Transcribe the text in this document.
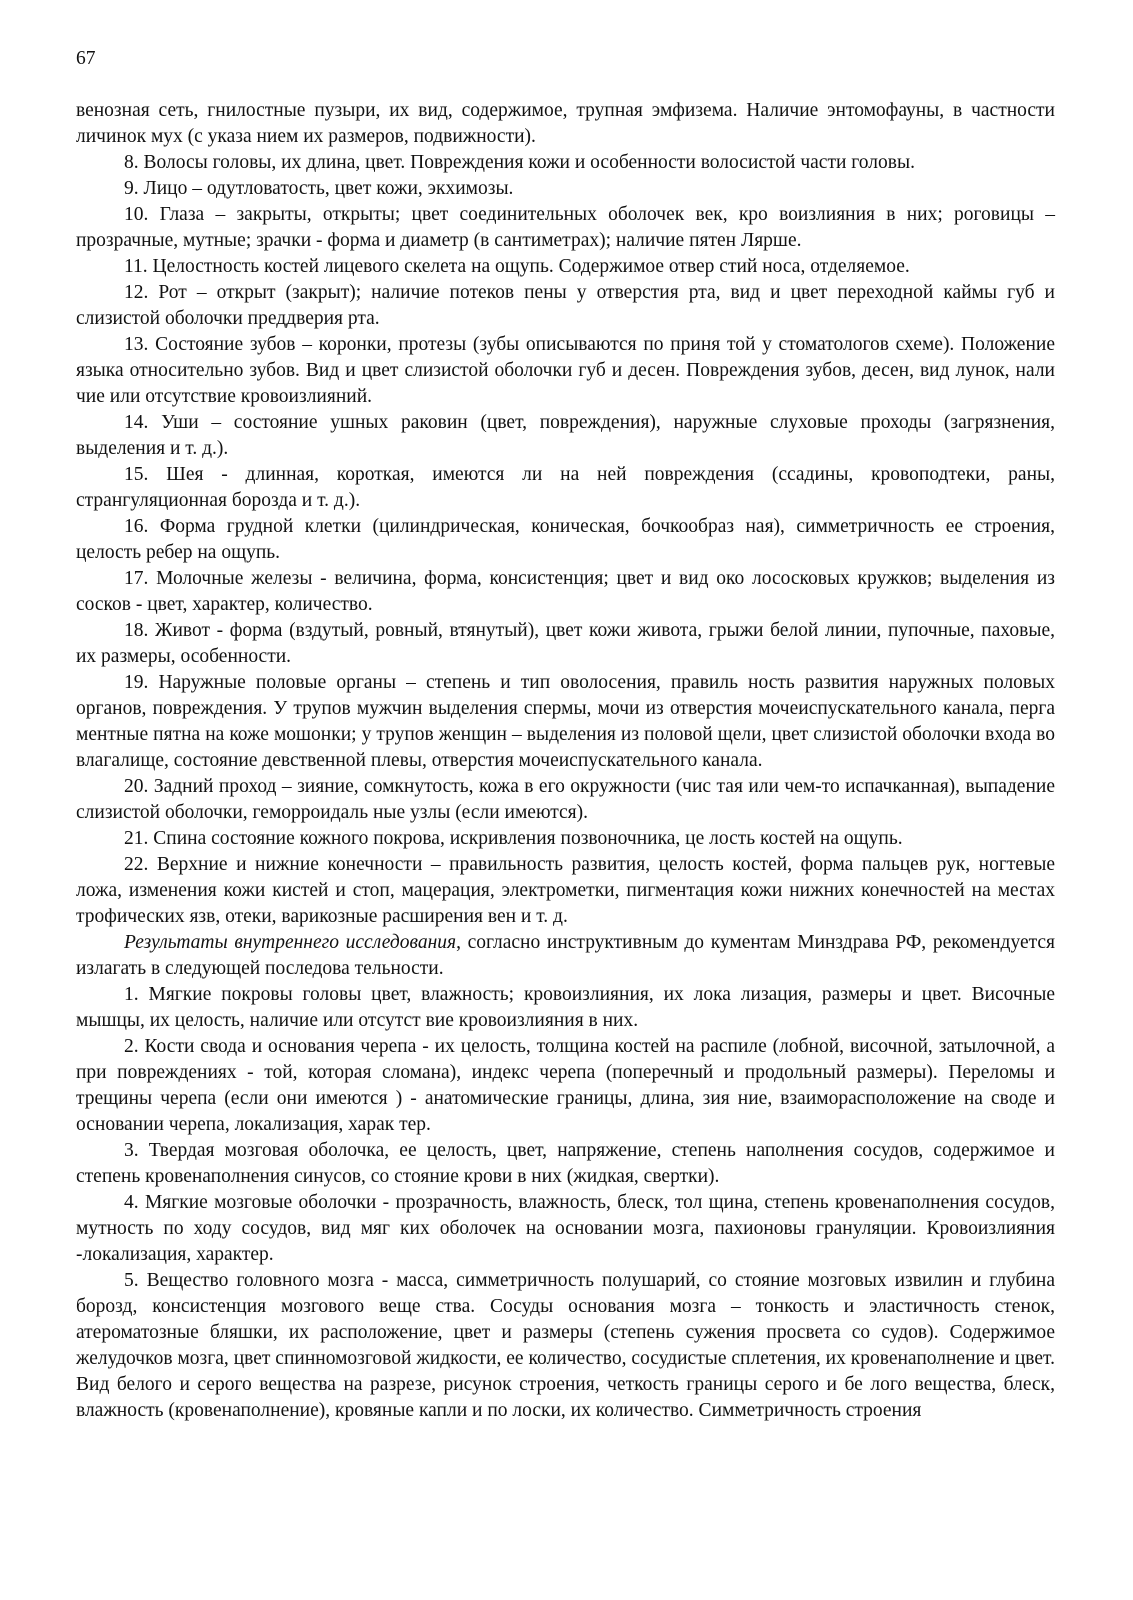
67

венозная сеть, гнилостные пузыри, их вид, содержимое, трупная эмфизема. Наличие энтомофауны, в частности личинок мух (с указа нием их размеров, подвижности).

8. Волосы головы, их длина, цвет. Повреждения кожи и особенности волосистой части головы.

9. Лицо – одутловатость, цвет кожи, экхимозы.

10. Глаза – закрыты, открыты; цвет соединительных оболочек век, кро воизлияния в них; роговицы – прозрачные, мутные; зрачки - форма и диаметр (в сантиметрах); наличие пятен Лярше.

11. Целостность костей лицевого скелета на ощупь. Содержимое отвер стий носа, отделяемое.

12. Рот – открыт (закрыт); наличие потеков пены у отверстия рта, вид и цвет переходной каймы губ и слизистой оболочки преддверия рта.

13. Состояние зубов – коронки, протезы (зубы описываются по приня той у стоматологов схеме). Положение языка относительно зубов. Вид и цвет слизистой оболочки губ и десен. Повреждения зубов, десен, вид лунок, нали чие или отсутствие кровоизлияний.

14. Уши – состояние ушных раковин (цвет, повреждения), наружные слуховые проходы (загрязнения, выделения и т. д.).

15. Шея - длинная, короткая, имеются ли на ней повреждения (ссадины, кровоподтеки, раны, странгуляционная борозда и т. д.).

16. Форма грудной клетки (цилиндрическая, коническая, бочкообраз ная), симметричность ее строения, целость ребер на ощупь.

17. Молочные железы - величина, форма, консистенция; цвет и вид око лососковых кружков; выделения из сосков - цвет, характер, количество.

18. Живот - форма (вздутый, ровный, втянутый), цвет кожи живота, грыжи белой линии, пупочные, паховые, их размеры, особенности.

19. Наружные половые органы – степень и тип оволосения, правиль ность развития наружных половых органов, повреждения. У трупов мужчин выделения спермы, мочи из отверстия мочеиспускательного канала, перга ментные пятна на коже мошонки; у трупов женщин – выделения из половой щели, цвет слизистой оболочки входа во влагалище, состояние девственной плевы, отверстия мочеиспускательного канала.

20. Задний проход – зияние, сомкнутость, кожа в его окружности (чис тая или чем-то испачканная), выпадение слизистой оболочки, геморроидаль ные узлы (если имеются).

21. Спина состояние кожного покрова, искривления позвоночника, це лость костей на ощупь.

22. Верхние и нижние конечности – правильность развития, целость костей, форма пальцев рук, ногтевые ложа, изменения кожи кистей и стоп, мацерация, электрометки, пигментация кожи нижних конечностей на местах трофических язв, отеки, варикозные расширения вен и т. д.

Результаты внутреннего исследования, согласно инструктивным до кументам Минздрава РФ, рекомендуется излагать в следующей последова тельности.

1. Мягкие покровы головы цвет, влажность; кровоизлияния, их лока лизация, размеры и цвет. Височные мышцы, их целость, наличие или отсутст вие кровоизлияния в них.

2. Кости свода и основания черепа - их целость, толщина костей на распиле (лобной, височной, затылочной, а при повреждениях - той, которая сломана), индекс черепа (поперечный и продольный размеры). Переломы и трещины черепа (если они имеются ) - анатомические границы, длина, зия ние, взаиморасположение на своде и основании черепа, локализация, харак тер.

3. Твердая мозговая оболочка, ее целость, цвет, напряжение, степень наполнения сосудов, содержимое и степень кровенаполнения синусов, со стояние крови в них (жидкая, свертки).

4. Мягкие мозговые оболочки - прозрачность, влажность, блеск, тол щина, степень кровенаполнения сосудов, мутность по ходу сосудов, вид мяг ких оболочек на основании мозга, пахионовы грануляции. Кровоизлияния -локализация, характер.

5. Вещество головного мозга - масса, симметричность полушарий, со стояние мозговых извилин и глубина борозд, консистенция мозгового веще ства. Сосуды основания мозга – тонкость и эластичность стенок, атероматозные бляшки, их расположение, цвет и размеры (степень сужения просвета со судов). Содержимое желудочков мозга, цвет спинномозговой жидкости, ее количество, сосудистые сплетения, их кровенаполнение и цвет. Вид белого и серого вещества на разрезе, рисунок строения, четкость границы серого и бе лого вещества, блеск, влажность (кровенаполнение), кровяные капли и по лоски, их количество. Симметричность строения
